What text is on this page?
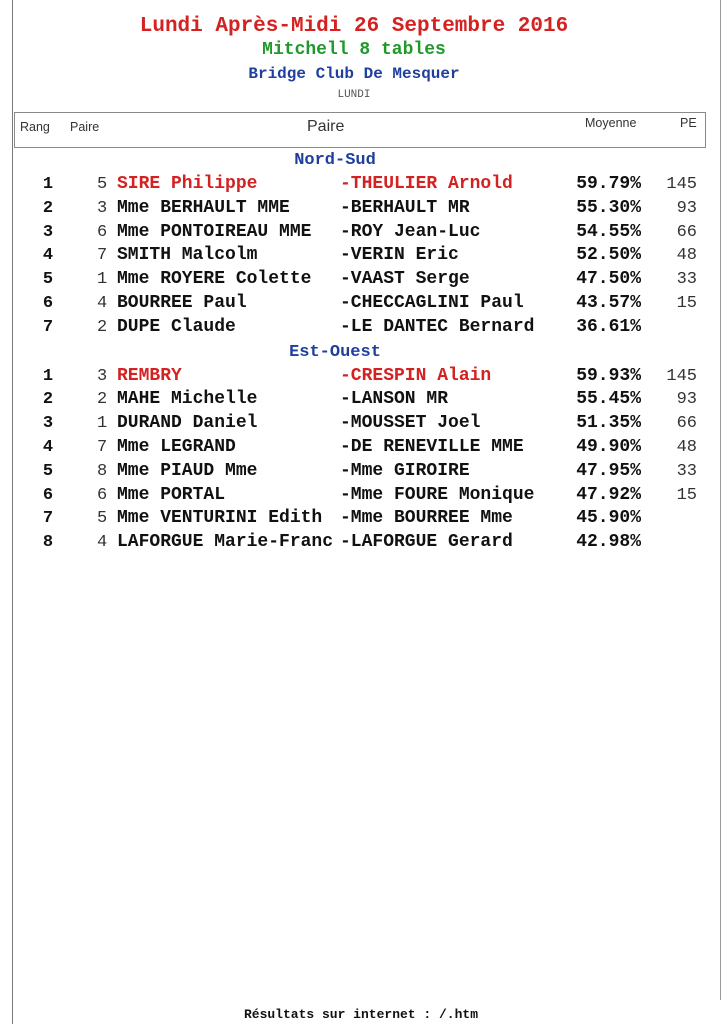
Lundi Après-Midi 26 Septembre 2016
Mitchell 8 tables
Bridge Club De Mesquer
LUNDI
Rang Paire	Paire	Moyenne	PE
Nord-Sud
1	5 SIRE Philippe	-THEULIER Arnold	59.79%	145
2	3 Mme BERHAULT MME	-BERHAULT MR	55.30%	93
3	6 Mme PONTOIREAU MME -ROY Jean-Luc	54.55%	66
4	7 SMITH Malcolm	-VERIN Eric	52.50%	48
5	1 Mme ROYERE Colette -VAAST Serge	47.50%	33
6	4 BOURREE Paul	-CHECCAGLINI Paul	43.57%	15
7	2 DUPE Claude	-LE DANTEC Bernard	36.61%
Est-Ouest
1	3 REMBRY	-CRESPIN Alain	59.93%	145
2	2 MAHE Michelle	-LANSON MR	55.45%	93
3	1 DURAND Daniel	-MOUSSET Joel	51.35%	66
4	7 Mme LEGRAND	-DE RENEVILLE MME	49.90%	48
5	8 Mme PIAUD Mme	-Mme GIROIRE	47.95%	33
6	6 Mme PORTAL	-Mme FOURE Monique	47.92%	15
7	5 Mme VENTURINI Edith -Mme BOURREE Mme	45.90%
8	4 LAFORGUE Marie-Franc -LAFORGUE Gerard	42.98%
Résultats sur internet : /.htm
